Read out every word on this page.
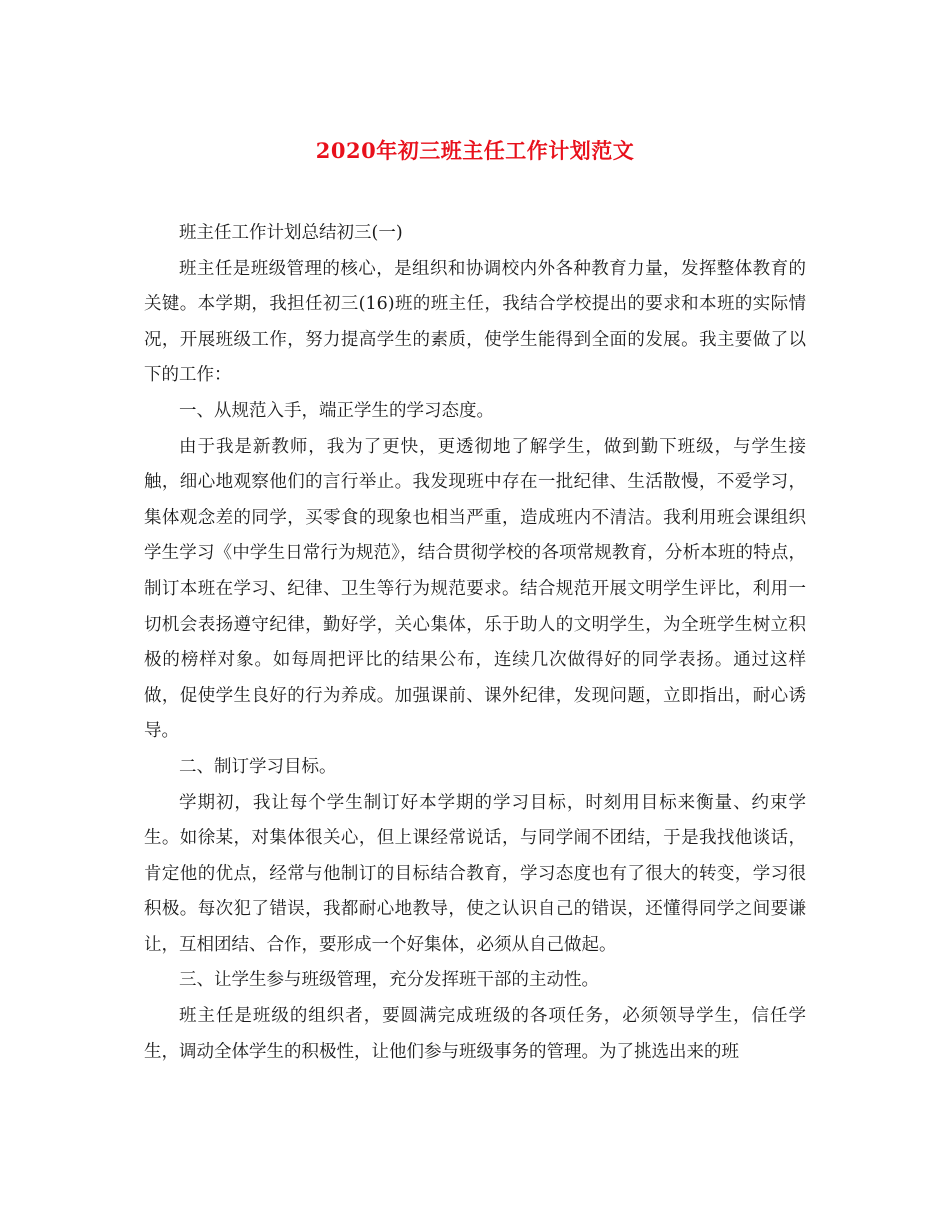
2020年初三班主任工作计划范文

班主任工作计划总结初三(一)

班主任是班级管理的核心，是组织和协调校内外各种教育力量，发挥整体教育的关键。本学期，我担任初三(16)班的班主任，我结合学校提出的要求和本班的实际情况，开展班级工作，努力提高学生的素质，使学生能得到全面的发展。我主要做了以下的工作：

一、从规范入手，端正学生的学习态度。

由于我是新教师，我为了更快，更透彻地了解学生，做到勤下班级，与学生接触，细心地观察他们的言行举止。我发现班中存在一批纪律、生活散慢，不爱学习，集体观念差的同学，买零食的现象也相当严重，造成班内不清洁。我利用班会课组织学生学习《中学生日常行为规范》，结合贯彻学校的各项常规教育，分析本班的特点，制订本班在学习、纪律、卫生等行为规范要求。结合规范开展文明学生评比，利用一切机会表扬遵守纪律，勤好学，关心集体，乐于助人的文明学生，为全班学生树立积极的榜样对象。如每周把评比的结果公布，连续几次做得好的同学表扬。通过这样做，促使学生良好的行为养成。加强课前、课外纪律，发现问题，立即指出，耐心诱导。

二、制订学习目标。

学期初，我让每个学生制订好本学期的学习目标，时刻用目标来衡量、约束学生。如徐某，对集体很关心，但上课经常说话，与同学闹不团结，于是我找他谈话，肯定他的优点，经常与他制订的目标结合教育，学习态度也有了很大的转变，学习很积极。每次犯了错误，我都耐心地教导，使之认识自己的错误，还懂得同学之间要谦让，互相团结、合作，要形成一个好集体，必须从自己做起。

三、让学生参与班级管理，充分发挥班干部的主动性。

班主任是班级的组织者，要圆满完成班级的各项任务，必须领导学生，信任学生，调动全体学生的积极性，让他们参与班级事务的管理。为了挑选出来的班
